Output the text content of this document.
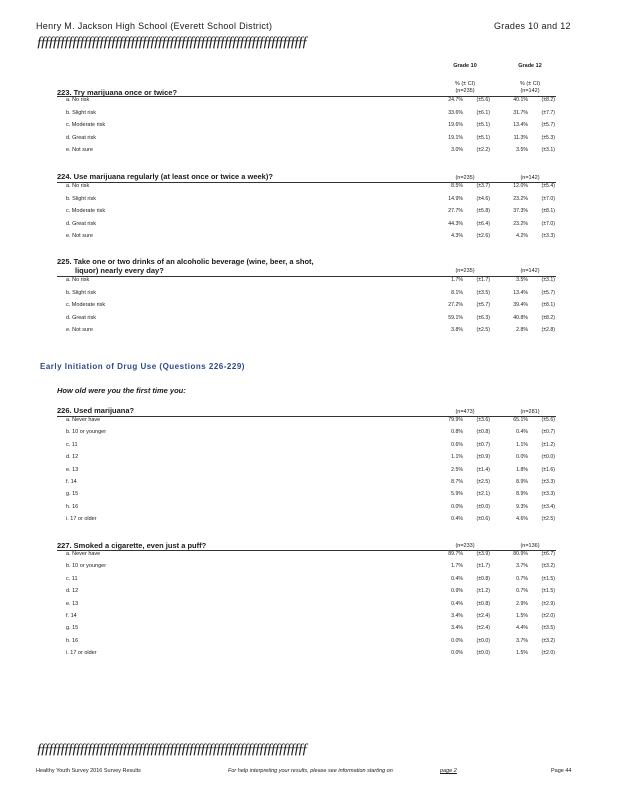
Henry M. Jackson High School (Everett School District)	Grades 10 and 12
ƒƒƒƒƒƒƒƒƒƒƒƒƒƒƒƒƒƒƒƒƒƒƒƒƒƒƒƒƒƒƒƒƒƒƒƒƒƒƒƒƒƒƒƒƒƒƒƒƒƒƒƒƒƒƒƒƒƒƒƒƒƒƒƒƒƒƒƒƒ
Grade 10	Grade 12
% (± CI)	% (± CI)
223. Try marijuana once or twice?	(n=235)	(n=142)
a. No risk	24.7%	(±5.6)	40.1%	(±8.2)
b. Slight risk	33.6%	(±6.1)	31.7%	(±7.7)
c. Moderate risk	19.6%	(±5.1)	13.4%	(±5.7)
d. Great risk	19.1%	(±5.1)	11.3%	(±5.3)
e. Not sure	3.0%	(±2.2)	3.5%	(±3.1)
224. Use marijuana regularly (at least once or twice a week)?	(n=235)	(n=142)
a. No risk	8.5%	(±3.7)	12.0%	(±5.4)
b. Slight risk	14.9%	(±4.6)	23.2%	(±7.0)
c. Moderate risk	27.7%	(±5.8)	37.3%	(±8.1)
d. Great risk	44.3%	(±6.4)	23.2%	(±7.0)
e. Not sure	4.3%	(±2.6)	4.2%	(±3.3)
225. Take one or two drinks of an alcoholic beverage (wine, beer, a shot,
liquor) nearly every day?	(n=235)	(n=142)
a. No risk	1.7%	(±1.7)	3.5%	(±3.1)
b. Slight risk	8.1%	(±3.5)	13.4%	(±5.7)
c. Moderate risk	27.2%	(±5.7)	39.4%	(±8.1)
d. Great risk	59.1%	(±6.3)	40.8%	(±8.2)
e. Not sure	3.8%	(±2.5)	2.8%	(±2.8)
Early Initiation of Drug Use (Questions 226-229)
How old were you the first time you:
226. Used marijuana?	(n=473)	(n=281)
a. Never have	79.9%	(±3.6)	65.1%	(±5.6)
b. 10 or younger	0.8%	(±0.8)	0.4%	(±0.7)
c. 11	0.6%	(±0.7)	1.1%	(±1.2)
d. 12	1.1%	(±0.9)	0.0%	(±0.0)
e. 13	2.5%	(±1.4)	1.8%	(±1.6)
f. 14	8.7%	(±2.5)	8.9%	(±3.3)
g. 15	5.9%	(±2.1)	8.9%	(±3.3)
h. 16	0.0%	(±0.0)	9.3%	(±3.4)
i. 17 or older	0.4%	(±0.6)	4.6%	(±2.5)
227. Smoked a cigarette, even just a puff?	(n=233)	(n=136)
a. Never have	89.7%	(±3.9)	80.9%	(±6.7)
b. 10 or younger	1.7%	(±1.7)	3.7%	(±3.2)
c. 11	0.4%	(±0.8)	0.7%	(±1.5)
d. 12	0.9%	(±1.2)	0.7%	(±1.5)
e. 13	0.4%	(±0.8)	2.9%	(±2.9)
f. 14	3.4%	(±2.4)	1.5%	(±2.0)
g. 15	3.4%	(±2.4)	4.4%	(±3.5)
h. 16	0.0%	(±0.0)	3.7%	(±3.2)
i. 17 or older	0.0%	(±0.0)	1.5%	(±2.0)
ƒƒƒƒƒƒƒƒƒƒƒƒƒƒƒƒƒƒƒƒƒƒƒƒƒƒƒƒƒƒƒƒƒƒƒƒƒƒƒƒƒƒƒƒƒƒƒƒƒƒƒƒƒƒƒƒƒƒƒƒƒƒƒƒƒƒƒƒƒ
Healthy Youth Survey 2016 Survey Results	For help interpreting your results, please see information starting on	page 2	Page 44
